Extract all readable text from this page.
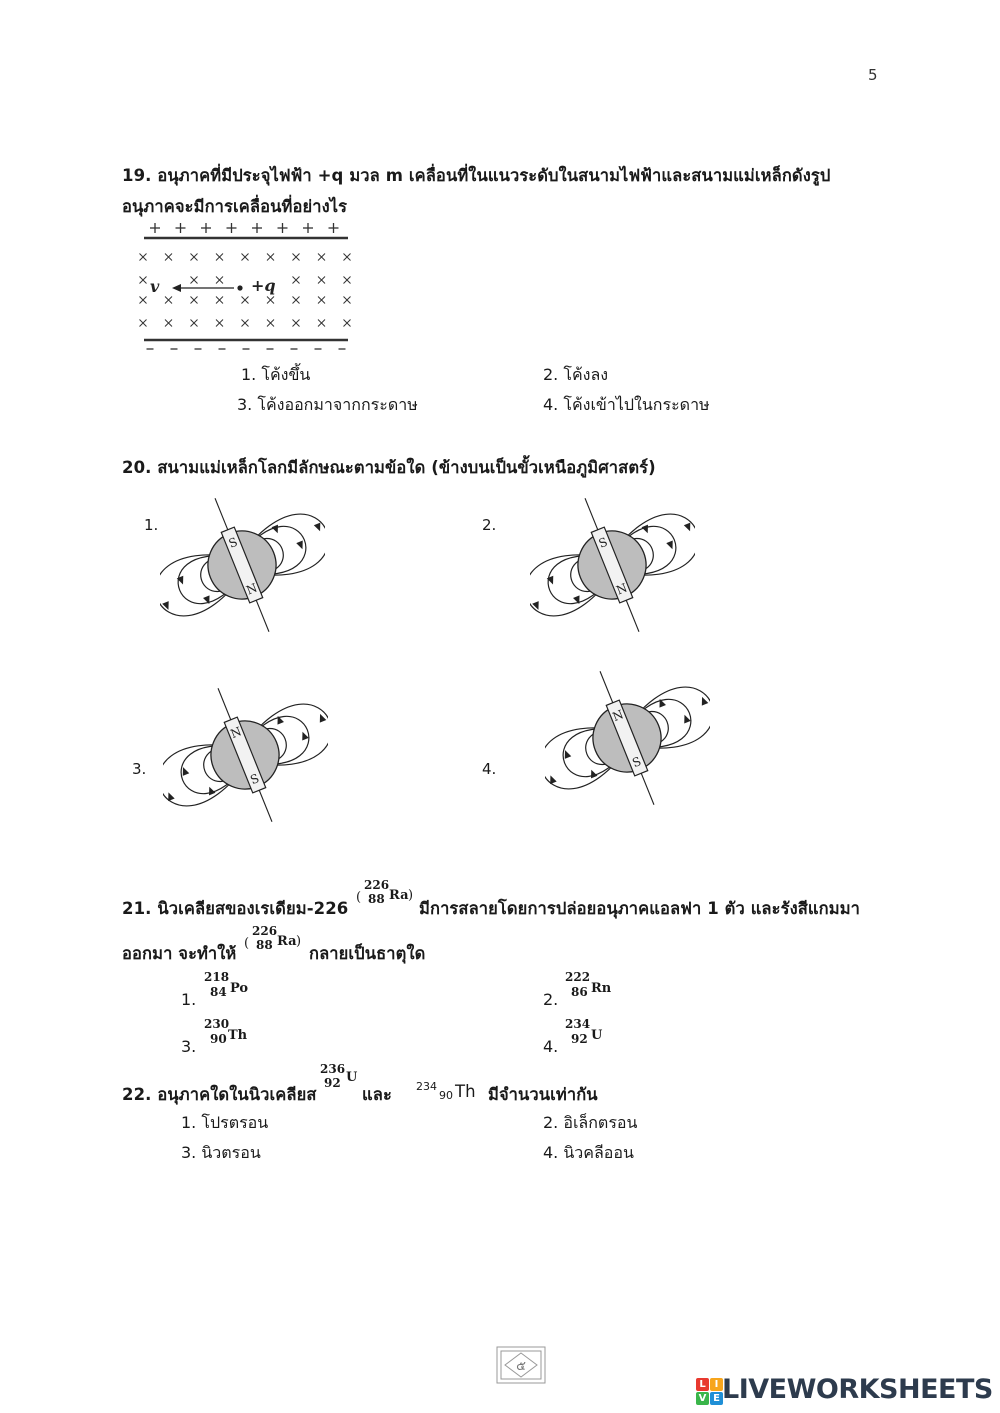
5
19. อนุภาคที่มีประจุไฟฟ้า +q มวล m เคลื่อนที่ในแนวระดับในสนามไฟฟ้าและสนามแม่เหล็กดังรูป
อนุภาคจะมีการเคลื่อนที่อย่างไร
v	+q
1. โค้งขึ้น	2. โค้งลง
3. โค้งออกมาจากกระดาษ	4. โค้งเข้าไปในกระดาษ
20. สนามแม่เหล็กโลกมีลักษณะตามข้อใด (ข้างบนเป็นขั้วเหนือภูมิศาสตร์)
1.	2.
3.	4.
S
N
S
N
N
S
N
S
21. นิวเคลียสของเรเดียม-226
(
226
88 Ra )
มีการสลายโดยการปล่อยอนุภาคแอลฟา 1 ตัว และรังสีแกมมา
ออกมา จะทำให้
(
226
88 Ra )
กลายเป็นธาตุใด
1.
218
84 Po
2.
222
86 Rn
3.
230
90 Th
4.
234
92 U
22. อนุภาคใดในนิวเคลียส
236
92 U
และ 234
90 Th มีจำนวนเท่ากัน
1. โปรตรอน	2. อิเล็กตรอน
3. นิวตรอน	4. นิวคลีออน
๕
L I
V E LIVEWORKSHEETS
